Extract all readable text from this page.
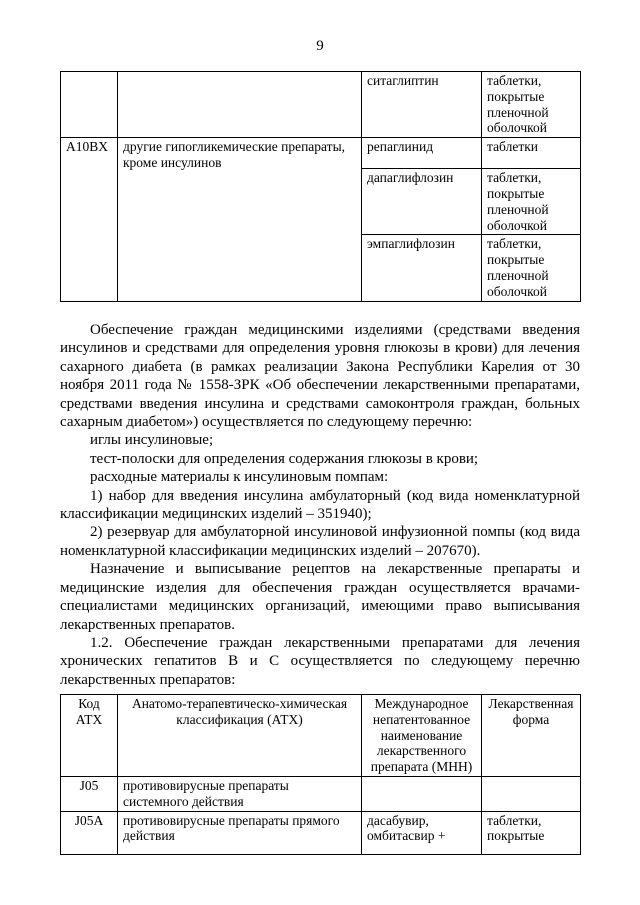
9
		ситаглиптин	таблетки, покрытые пленочной оболочкой
A10BX	другие гипогликемические препараты, кроме инсулинов	репаглинид	таблетки
		дапаглифлозин	таблетки, покрытые пленочной оболочкой
		эмпаглифлозин	таблетки, покрытые пленочной оболочкой

Обеспечение граждан медицинскими изделиями (средствами введения инсулинов и средствами для определения уровня глюкозы в крови) для лечения сахарного диабета (в рамках реализации Закона Республики Карелия от 30 ноября 2011 года № 1558-ЗРК «Об обеспечении лекарственными препаратами, средствами введения инсулина и средствами самоконтроля граждан, больных сахарным диабетом») осуществляется по следующему перечню:

иглы инсулиновые;

тест-полоски для определения содержания глюкозы в крови;

расходные материалы к инсулиновым помпам:

1) набор для введения инсулина амбулаторный (код вида номенклатурной классификации медицинских изделий – 351940);

2) резервуар для амбулаторной инсулиновой инфузионной помпы (код вида номенклатурной классификации медицинских изделий – 207670).

Назначение и выписывание рецептов на лекарственные препараты и медицинские изделия для обеспечения граждан осуществляется врачами-специалистами медицинских организаций, имеющими право выписывания лекарственных препаратов.

1.2. Обеспечение граждан лекарственными препаратами для лечения хронических гепатитов В и С осуществляется по следующему перечню лекарственных препаратов:

Код АТХ	Анатомо-терапевтическо-химическая классификация (АТХ)	Международное непатентованное наименование лекарственного препарата (МНН)	Лекарственная форма
J05	противовирусные препараты системного действия		
J05A	противовирусные препараты прямого действия	дасабувир, омбитасвир +	таблетки, покрытые
